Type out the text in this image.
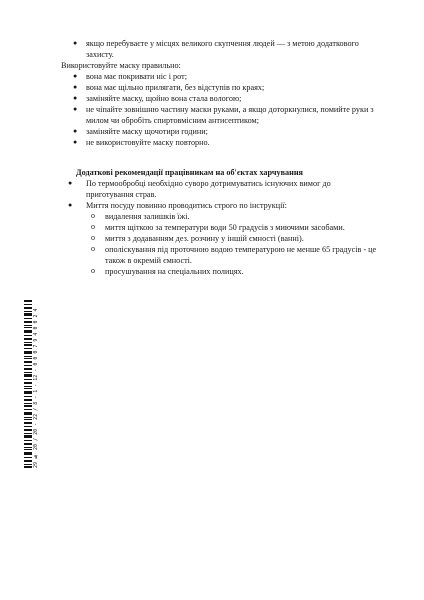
● якщо перебуваєте у місцях великого скупчення людей — з метою додаткового
захисту.
Використовуйте маску правильно:
● вона має покривати ніс і рот;
● вона має щільно прилягати, без відступів по краях;
● заміняйте маску, щойно вона стала вологою;
● не чіпайте зовнішню частину маски руками, а якщо доторкнулися, помийте руки з
милом чи обробіть спиртовмісним антисептиком;
● заміняйте маску щочотири години;
● не використовуйте маску повторно.
Додаткові рекомендації працівникам на об'єктах харчування
● По термообробці необхідно суворо дотримуватись існуючих вимог до
приготування страв.
● Миття посуду повинно проводитись строго по інструкції:
o видалення залишків їжі.
o миття щіткою за температури води 50 градусів з миючими засобами.
o миття з додаванням дез. розчину у іншій ємності (ванні).
o ополіскування під проточною водою температурою не менше 65 градусів - це
також в окремій ємності.
o просушування на спеціальних полицях.
29 № 20 / 20 - 22 / 8 - 1 - 12 - 0 0 0 7 9 4 0 0 2 4
